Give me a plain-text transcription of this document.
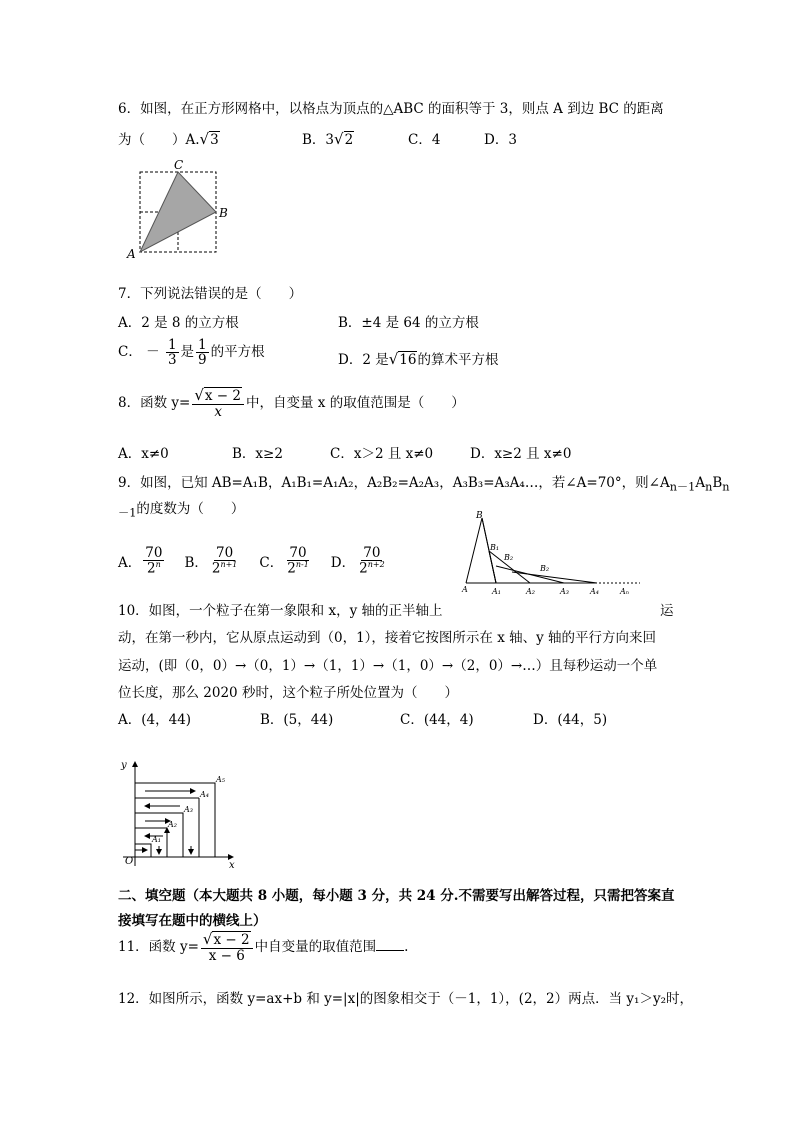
6．如图，在正方形网格中，以格点为顶点的△ABC 的面积等于 3，则点 A 到边 BC 的距离
为（　　）A.√3	B．3√2	C．4	D．3
C
B
A
7．下列说法错误的是（　　）
A．2 是 8 的立方根	B．±4 是 64 的立方根
C． － $\frac{1}{3}$ 是 $\frac{1}{9}$ 的平方根	D．2 是√16的算术平方根
8．函数 $y= \frac{√x - 2}{x}$ 中，自变量 x 的取值范围是（　　）
A．x≠0	B．x≥2	C．x＞2 且 x≠0	D．x≥2 且 x≠0
9．如图，已知 AB=A₁B，A₁B₁=A₁A₂，A₂B₂=A₂A₃，A₃B₃=A₃A₄…，若∠A=70°，则$\angle A_{n-1}A_nB_n$
$_{-1}$的度数为（　　）
A． $\frac{70}{2^n}$ B． $\frac{70}{2^{n+1}}$ C． $\frac{70}{2^{n-1}}$ D． $\frac{70}{2^{n+2}}$
B
B₁
B₂
B₂
A	A₁	A₂	A₃	A₄	Aₙ
10．如图，一个粒子在第一象限和 x，y 轴的正半轴上	运
动，在第一秒内，它从原点运动到（0，1），接着它按图所示在 x 轴、y 轴的平行方向来回
运动，(即（0，0）→（0，1）→（1，1）→（1，0）→（2，0）→…）且每秒运动一个单
位长度，那么 2020 秒时，这个粒子所处位置为（　　）
A．(4，44)	B．(5，44)	C．(44，4)	D．(44，5)
y
x
O
A₁
A₂
A₃
A₄
A₅
二、填空题（本大题共 8 小题，每小题 3 分，共 24 分.不需要写出解答过程，只需把答案直
接填写在题中的横线上）
11．函数 $y= \frac{√x - 2}{x - 6}$ 中自变量的取值范围 .
12．如图所示，函数 y=ax+b 和 y=|x|的图象相交于（－1，1），(2，2）两点．当 y₁＞y₂时，
